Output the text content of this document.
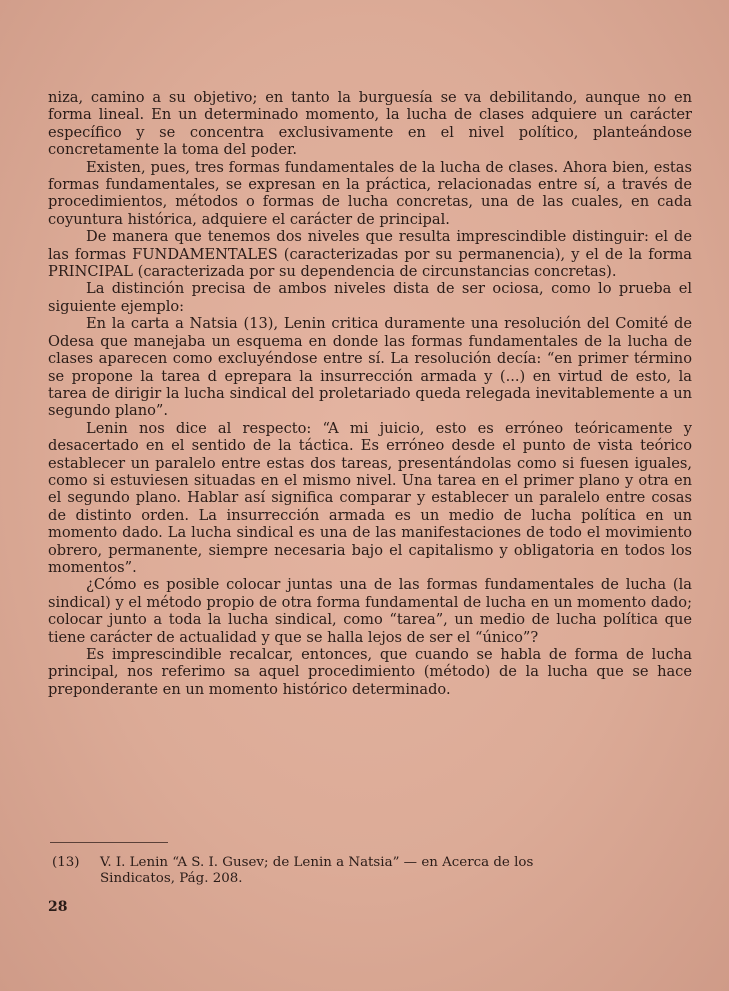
niza, camino a su objetivo; en tanto la burguesía se va debilitando, aunque no en forma lineal. En un determinado momento, la lucha de clases adquiere un carácter específico y se concentra exclusivamente en el nivel político, planteándose concretamente la toma del poder.

Existen, pues, tres formas fundamentales de la lucha de clases. Ahora bien, estas formas fundamentales, se expresan en la práctica, relacionadas entre sí, a través de procedimientos, métodos o formas de lucha concretas, una de las cuales, en cada coyuntura histórica, adquiere el carácter de principal.

De manera que tenemos dos niveles que resulta imprescindible distinguir: el de las formas FUNDAMENTALES (caracterizadas por su permanencia), y el de la forma PRINCIPAL (caracterizada por su dependencia de circunstancias concretas).

La distinción precisa de ambos niveles dista de ser ociosa, como lo prueba el siguiente ejemplo:

En la carta a Natsia (13), Lenin critica duramente una resolución del Comité de Odesa que manejaba un esquema en donde las formas fundamentales de la lucha de clases aparecen como excluyéndose entre sí. La resolución decía: “en primer término se propone la tarea d eprepara la insurrección armada y (...) en virtud de esto, la tarea de dirigir la lucha sindical del proletariado queda relegada inevitablemente a un segundo plano”.

Lenin nos dice al respecto: “A mi juicio, esto es erróneo teóricamente y desacertado en el sentido de la táctica. Es erróneo desde el punto de vista teórico establecer un paralelo entre estas dos tareas, presentándolas como si fuesen iguales, como si estuviesen situadas en el mismo nivel. Una tarea en el primer plano y otra en el segundo plano. Hablar así significa comparar y establecer un paralelo entre cosas de distinto orden. La insurrección armada es un medio de lucha política en un momento dado. La lucha sindical es una de las manifestaciones de todo el movimiento obrero, permanente, siempre necesaria bajo el capitalismo y obligatoria en todos los momentos”.

¿Cómo es posible colocar juntas una de las formas fundamentales de lucha (la sindical) y el método propio de otra forma fundamental de lucha en un momento dado; colocar junto a toda la lucha sindical, como “tarea”, un medio de lucha política que tiene carácter de actualidad y que se halla lejos de ser el “único”?

Es imprescindible recalcar, entonces, que cuando se habla de forma de lucha principal, nos referimo sa aquel procedimiento (método) de la lucha que se hace preponderante en un momento histórico determinado.

(13) V. I. Lenin “A S. I. Gusev; de Lenin a Natsia” — en Acerca de los
Sindicatos, Pág. 208.
28
